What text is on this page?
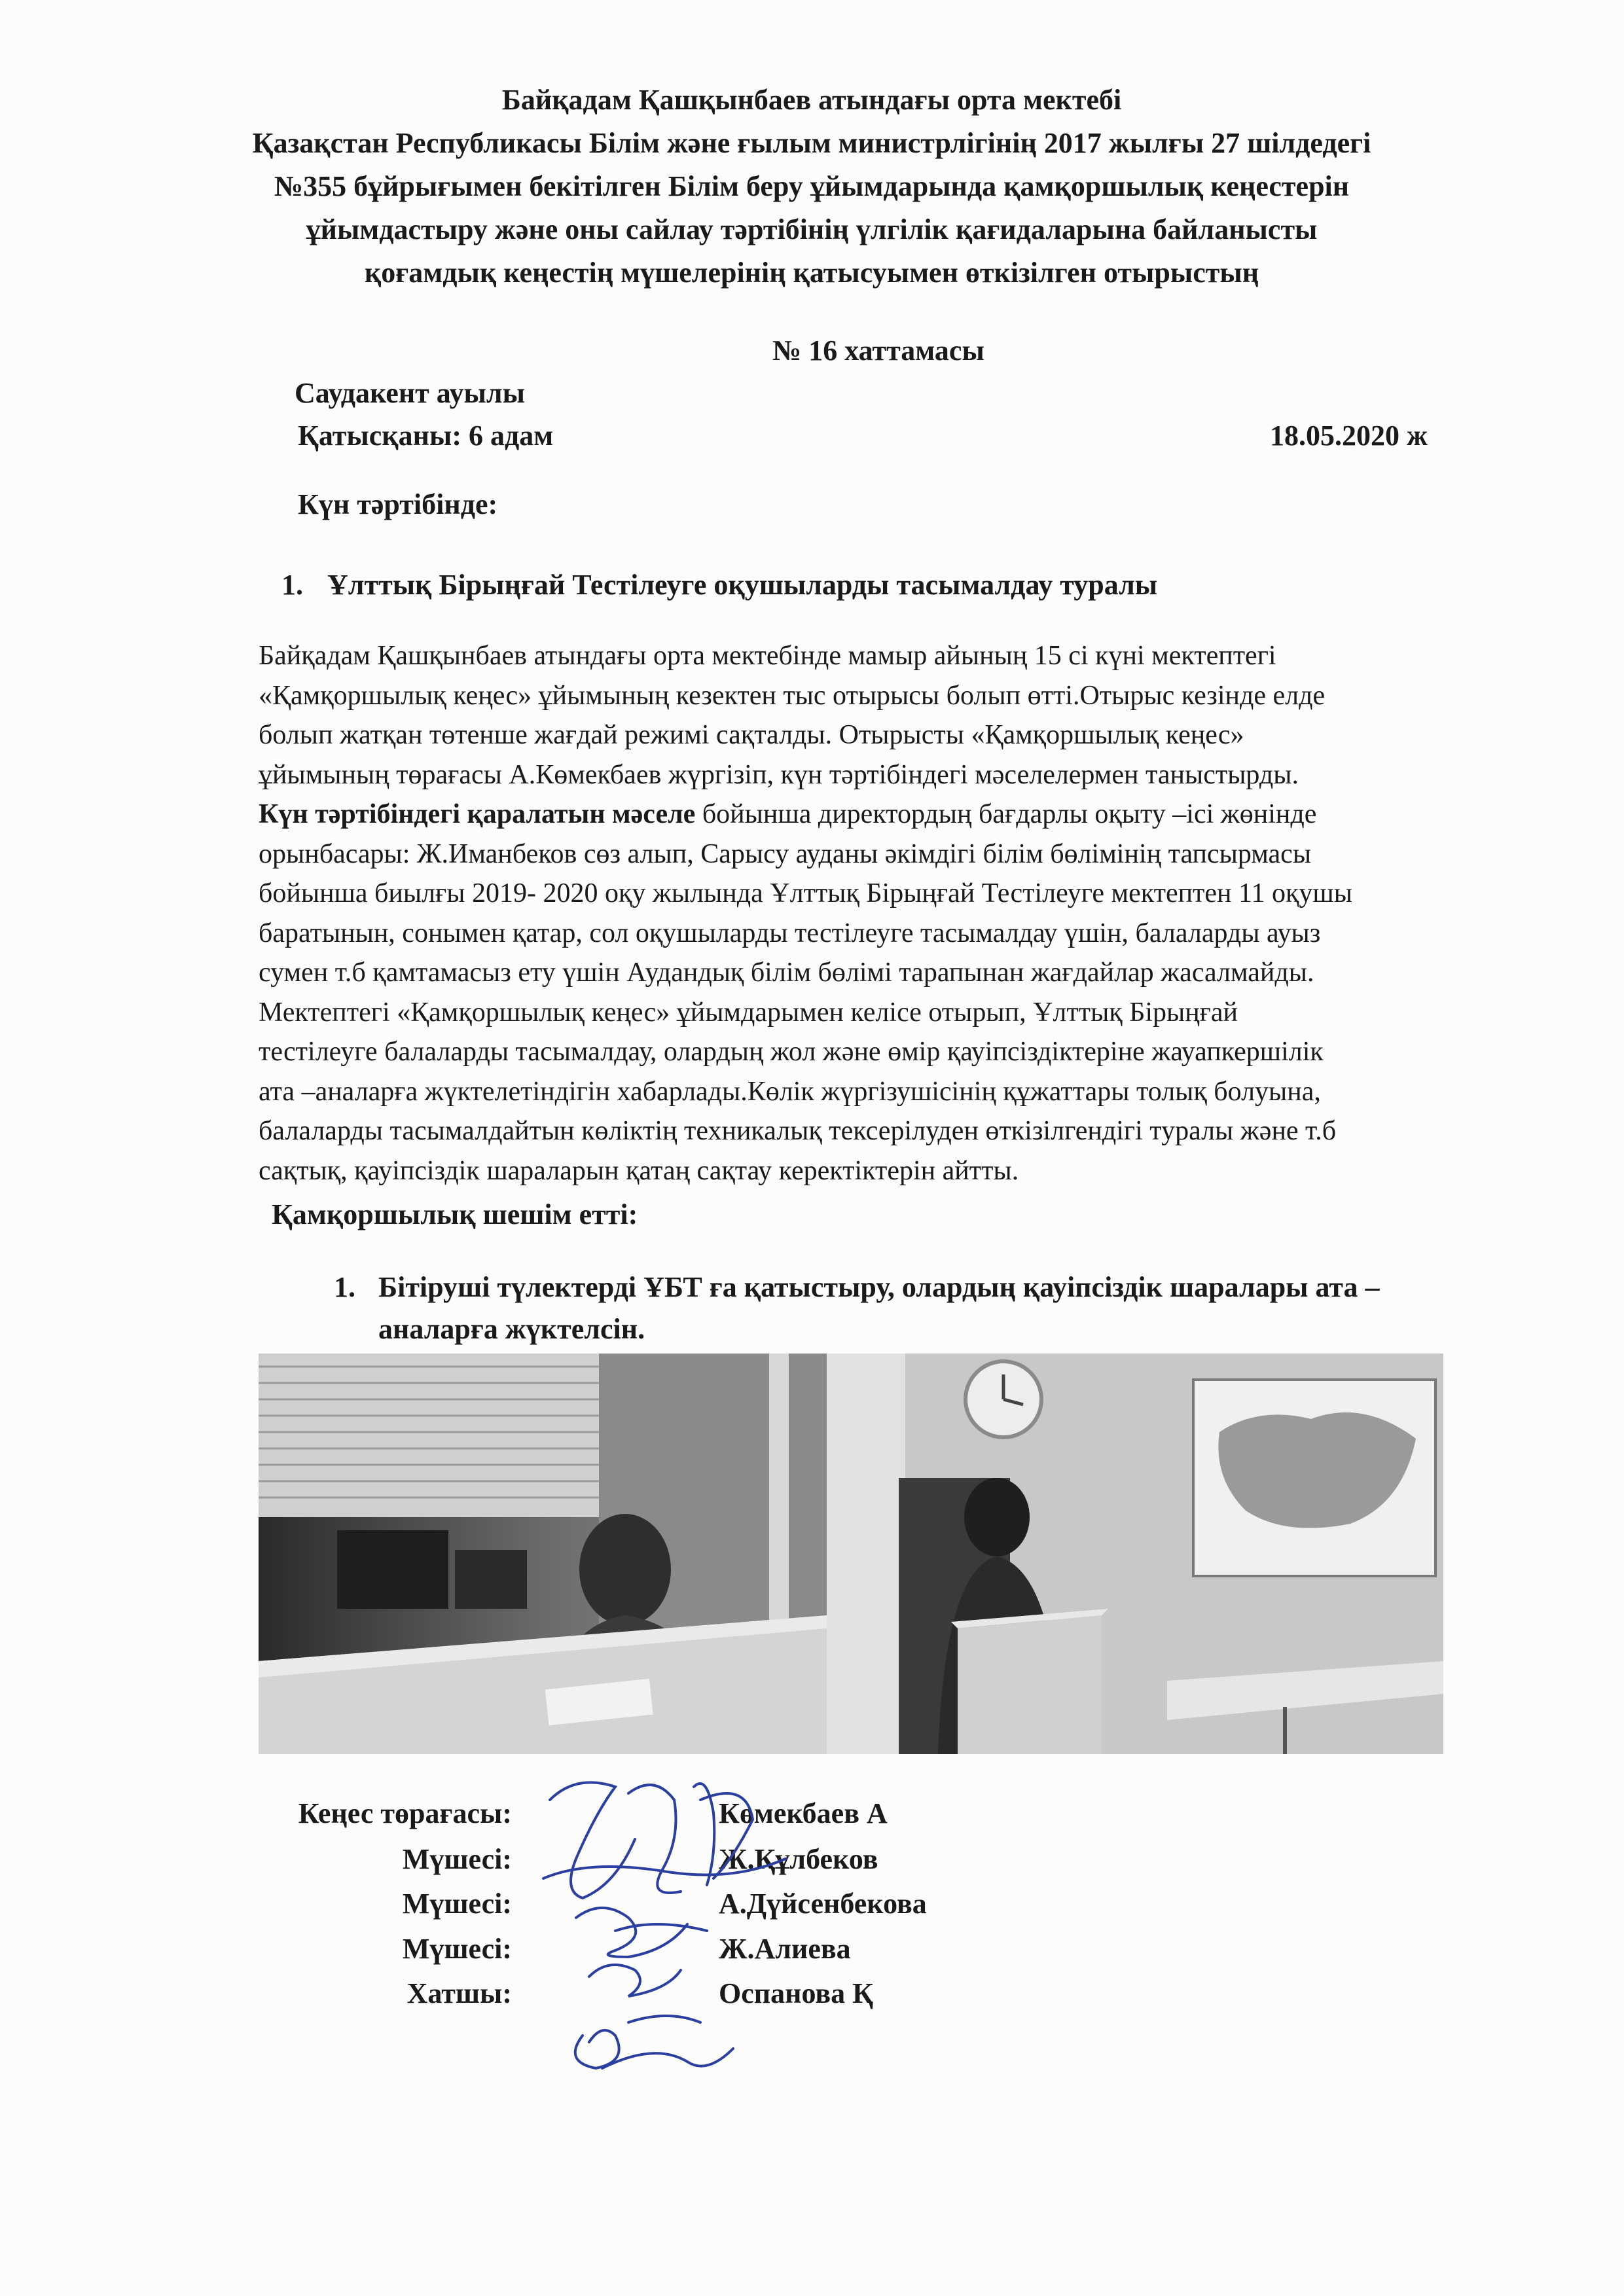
Байқадам Қашқынбаев атындағы орта мектебі
Қазақстан Республикасы Білім және ғылым министрлігінің 2017 жылғы 27 шілдедегі
№355 бұйрығымен бекітілген Білім беру ұйымдарында қамқоршылық кеңестерін
ұйымдастыру және оны сайлау тәртібінің үлгілік қағидаларына байланысты
қоғамдық кеңестің мүшелерінің қатысуымен өткізілген отырыстың
№ 16 хаттамасы
Саудакент ауылы
Қатысқаны: 6 адам	18.05.2020 ж
Күн тәртібінде:
1. Ұлттық Бірыңғай Тестілеуге оқушыларды тасымалдау туралы
Байқадам Қашқынбаев атындағы орта мектебінде мамыр айының 15 сі күні мектептегі
«Қамқоршылық кеңес» ұйымының кезектен тыс отырысы болып өтті.Отырыс кезінде елде
болып жатқан төтенше жағдай режимі сақталды. Отырысты «Қамқоршылық кеңес»
ұйымының төрағасы А.Көмекбаев жүргізіп, күн тәртібіндегі мәселелермен таныстырды.
Күн тәртібіндегі қаралатын мәселе бойынша директордың бағдарлы оқыту –ісі жөнінде
орынбасары: Ж.Иманбеков сөз алып, Сарысу ауданы әкімдігі білім бөлімінің тапсырмасы
бойынша биылғы 2019- 2020 оқу жылында Ұлттық Бірыңғай Тестілеуге мектептен 11 оқушы
баратынын, сонымен қатар, сол оқушыларды тестілеуге тасымалдау үшін, балаларды ауыз
сумен т.б қамтамасыз ету үшін Аудандық білім бөлімі тарапынан жағдайлар жасалмайды.
Мектептегі «Қамқоршылық кеңес» ұйымдарымен келісе отырып, Ұлттық Бірыңғай
тестілеуге балаларды тасымалдау, олардың жол және өмір қауіпсіздіктеріне жауапкершілік
ата –аналарға жүктелетіндігін хабарлады.Көлік жүргізушісінің құжаттары толық болуына,
балаларды тасымалдайтын көліктің техникалық тексерілуден өткізілгендігі туралы және т.б
сақтық, қауіпсіздік шараларын қатаң сақтау керектіктерін айтты.
Қамқоршылық шешім етті:
1. Бітіруші түлектерді ҰБТ ға қатыстыру, олардың қауіпсіздік шаралары ата –
аналарға жүктелсін.
Кеңес төрағасы:	Көмекбаев А
Мүшесі:	Ж.Құлбеков
Мүшесі:	А.Дүйсенбекова
Мүшесі:	Ж.Алиева
Хатшы:	Оспанова Қ
